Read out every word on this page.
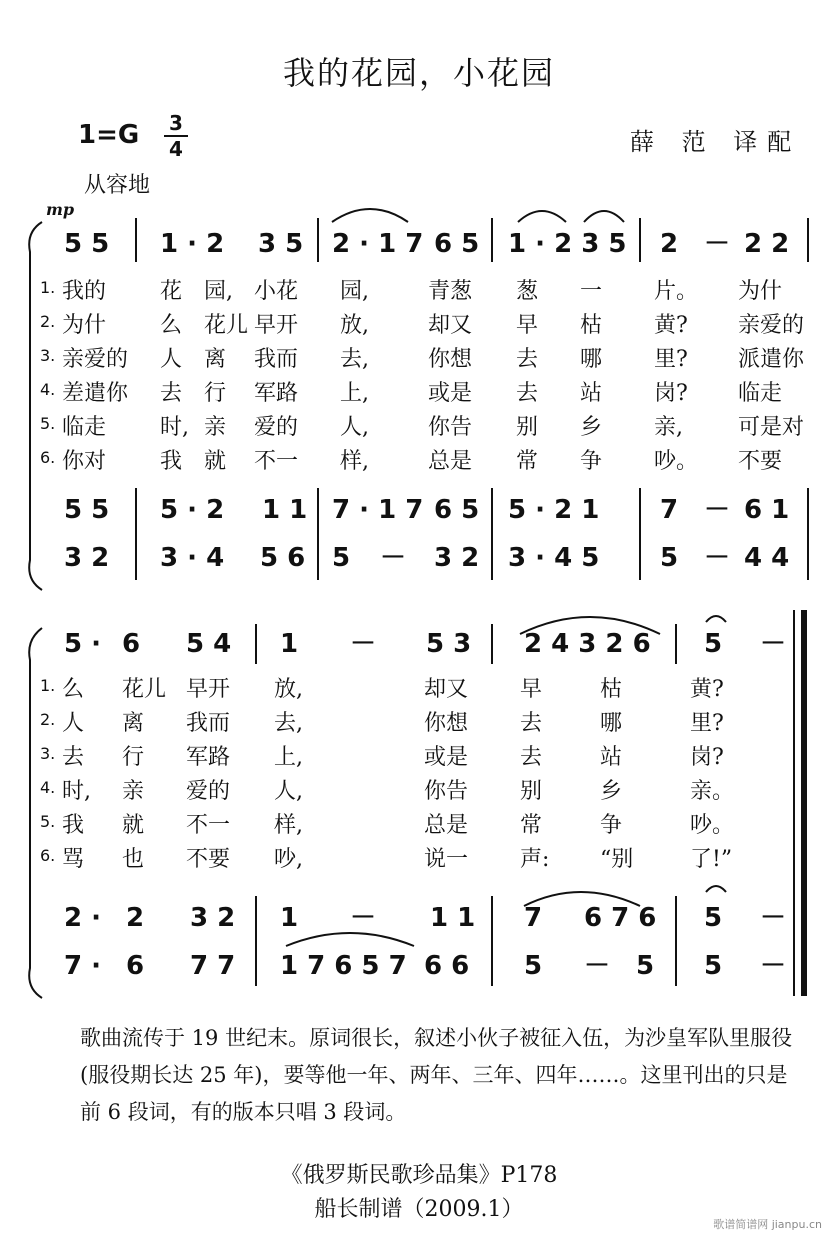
我的花园，小花园
1=G	3
4	薛 范 译配
从容地
mp
5 5 1 · 2 3 5 2 · 1 7 6 5 1 · 2 3 5 2 － 2 2
5 5 5 · 2 1 1 7 · 1 7 6 5 5 · 2 1 7 － 6 1
3 2 3 · 4 5 6 5 － 3 2 3 · 4 5 5 － 4 4
5 · 6 5 4 1 － 5 3 2 4 3 2 6 5 －
2 · 2 3 2 1 － 1 1 7 6 7 6 5 －
7 · 6 7 7 1 7 6 5 7 6 6 5 － 5 5 －
1. 我的 花 园, 小花 园,	青葱 葱 一 片。 为什
2. 为什 么 花儿 早开 放,	却又 早 枯 黄? 亲爱的
3. 亲爱的 人 离 我而 去,	你想 去 哪 里? 派遣你
4. 差遣你 去 行 军路 上,	或是 去 站 岗? 临走
5. 临走 时, 亲 爱的 人,	你告 别 乡 亲,	可是对
6. 你对 我 就 不一 样,	总是 常 争 吵。 不要
1. 么 花儿 早开 放,	却又 早	枯	黄?
2. 人 离 我而 去,	你想 去	哪	里?
3. 去 行 军路 上,	或是 去	站	岗?
4. 时, 亲 爱的 人,	你告 别	乡	亲。
5. 我 就 不一 样,	总是 常	争	吵。
6. 骂 也 不要 吵,	说一 声: “别	了!”
歌曲流传于 19 世纪末。原词很长，叙述小伙子被征入伍，为沙皇军队里服役(服役期长达 25 年)，要等他一年、两年、三年、四年……。这里刊出的只是前 6 段词，有的版本只唱 3 段词。
《俄罗斯民歌珍品集》P178
船长制谱（2009.1）
歌谱简谱网 jianpu.cn
